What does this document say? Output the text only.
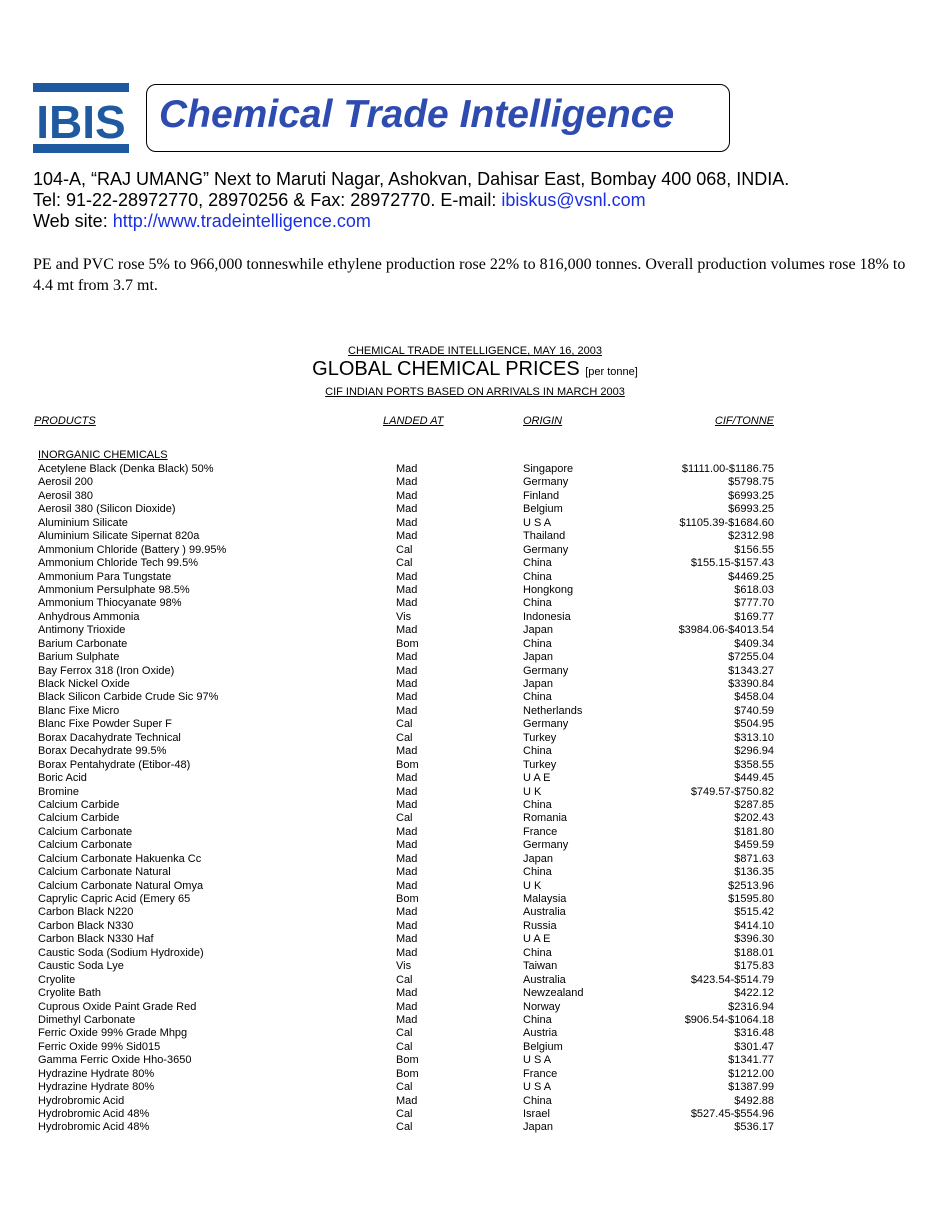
IBIS Chemical Trade Intelligence
104-A, “RAJ UMANG” Next to Maruti Nagar, Ashokvan, Dahisar East, Bombay 400 068, INDIA.
Tel: 91-22-28972770, 28970256 & Fax: 28972770. E-mail: ibiskus@vsnl.com
Web site: http://www.tradeintelligence.com
PE and PVC rose 5% to 966,000 tonneswhile ethylene production rose 22% to 816,000 tonnes. Overall production volumes rose 18% to 4.4 mt from 3.7 mt.
CHEMICAL TRADE INTELLIGENCE, MAY 16, 2003
GLOBAL CHEMICAL PRICES [per tonne]
CIF INDIAN PORTS BASED ON ARRIVALS IN MARCH 2003
PRODUCTS	LANDED AT	ORIGIN	CIF/TONNE
INORGANIC CHEMICALS
Acetylene Black (Denka Black) 50%	Mad	Singapore	$1111.00-$1186.75
Aerosil 200	Mad	Germany	$5798.75
Aerosil 380	Mad	Finland	$6993.25
Aerosil 380 (Silicon Dioxide)	Mad	Belgium	$6993.25
Aluminium Silicate	Mad	U S A	$1105.39-$1684.60
Aluminium Silicate Sipernat 820a	Mad	Thailand	$2312.98
Ammonium Chloride (Battery ) 99.95%	Cal	Germany	$156.55
Ammonium Chloride Tech 99.5%	Cal	China	$155.15-$157.43
Ammonium Para Tungstate	Mad	China	$4469.25
Ammonium Persulphate 98.5%	Mad	Hongkong	$618.03
Ammonium Thiocyanate 98%	Mad	China	$777.70
Anhydrous Ammonia	Vis	Indonesia	$169.77
Antimony Trioxide	Mad	Japan	$3984.06-$4013.54
Barium Carbonate	Bom	China	$409.34
Barium Sulphate	Mad	Japan	$7255.04
Bay Ferrox 318 (Iron Oxide)	Mad	Germany	$1343.27
Black Nickel Oxide	Mad	Japan	$3390.84
Black Silicon Carbide Crude Sic 97%	Mad	China	$458.04
Blanc Fixe Micro	Mad	Netherlands	$740.59
Blanc Fixe Powder Super F	Cal	Germany	$504.95
Borax Dacahydrate Technical	Cal	Turkey	$313.10
Borax Decahydrate 99.5%	Mad	China	$296.94
Borax Pentahydrate (Etibor-48)	Bom	Turkey	$358.55
Boric Acid	Mad	U A E	$449.45
Bromine	Mad	U K	$749.57-$750.82
Calcium Carbide	Mad	China	$287.85
Calcium Carbide	Cal	Romania	$202.43
Calcium Carbonate	Mad	France	$181.80
Calcium Carbonate	Mad	Germany	$459.59
Calcium Carbonate Hakuenka Cc	Mad	Japan	$871.63
Calcium Carbonate Natural	Mad	China	$136.35
Calcium Carbonate Natural Omya	Mad	U K	$2513.96
Caprylic Capric Acid (Emery 65	Bom	Malaysia	$1595.80
Carbon Black N220	Mad	Australia	$515.42
Carbon Black N330	Mad	Russia	$414.10
Carbon Black N330 Haf	Mad	U A E	$396.30
Caustic Soda (Sodium Hydroxide)	Mad	China	$188.01
Caustic Soda Lye	Vis	Taiwan	$175.83
Cryolite	Cal	Australia	$423.54-$514.79
Cryolite Bath	Mad	Newzealand	$422.12
Cuprous Oxide Paint Grade Red	Mad	Norway	$2316.94
Dimethyl Carbonate	Mad	China	$906.54-$1064.18
Ferric Oxide 99% Grade Mhpg	Cal	Austria	$316.48
Ferric Oxide 99% Sid015	Cal	Belgium	$301.47
Gamma Ferric Oxide Hho-3650	Bom	U S A	$1341.77
Hydrazine Hydrate 80%	Bom	France	$1212.00
Hydrazine Hydrate 80%	Cal	U S A	$1387.99
Hydrobromic Acid	Mad	China	$492.88
Hydrobromic Acid 48%	Cal	Israel	$527.45-$554.96
Hydrobromic Acid 48%	Cal	Japan	$536.17
